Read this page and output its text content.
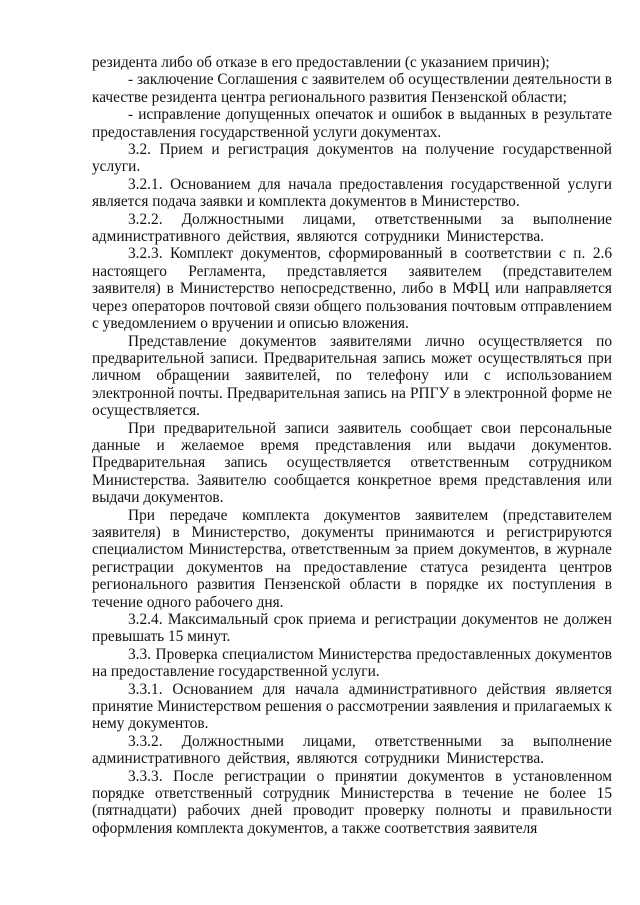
резидента либо об отказе в его предоставлении (с указанием причин);

- заключение Соглашения с заявителем об осуществлении деятельности в качестве резидента центра регионального развития Пензенской области;

- исправление допущенных опечаток и ошибок в выданных в результате предоставления государственной услуги документах.

3.2. Прием и регистрация документов на получение государственной услуги.

3.2.1. Основанием для начала предоставления государственной услуги является подача заявки и комплекта документов в Министерство.

3.2.2. Должностными лицами, ответственными за выполнение административного действия, являются сотрудники Министерства.

3.2.3. Комплект документов, сформированный в соответствии с п. 2.6 настоящего Регламента, представляется заявителем (представителем заявителя) в Министерство непосредственно, либо в МФЦ или направляется через операторов почтовой связи общего пользования почтовым отправлением с уведомлением о вручении и описью вложения.

Представление документов заявителями лично осуществляется по предварительной записи. Предварительная запись может осуществляться при личном обращении заявителей, по телефону или с использованием электронной почты. Предварительная запись на РПГУ в электронной форме не осуществляется.

При предварительной записи заявитель сообщает свои персональные данные и желаемое время представления или выдачи документов. Предварительная запись осуществляется ответственным сотрудником Министерства. Заявителю сообщается конкретное время представления или выдачи документов.

При передаче комплекта документов заявителем (представителем заявителя) в Министерство, документы принимаются и регистрируются специалистом Министерства, ответственным за прием документов, в журнале регистрации документов на предоставление статуса резидента центров регионального развития Пензенской области в порядке их поступления в течение одного рабочего дня.

3.2.4. Максимальный срок приема и регистрации документов не должен превышать 15 минут.

3.3. Проверка специалистом Министерства предоставленных документов на предоставление государственной услуги.

3.3.1. Основанием для начала административного действия является принятие Министерством решения о рассмотрении заявления и прилагаемых к нему документов.

3.3.2. Должностными лицами, ответственными за выполнение административного действия, являются сотрудники Министерства.

3.3.3. После регистрации о принятии документов в установленном порядке ответственный сотрудник Министерства в течение не более 15 (пятнадцати) рабочих дней проводит проверку полноты и правильности оформления комплекта документов, а также соответствия заявителя
